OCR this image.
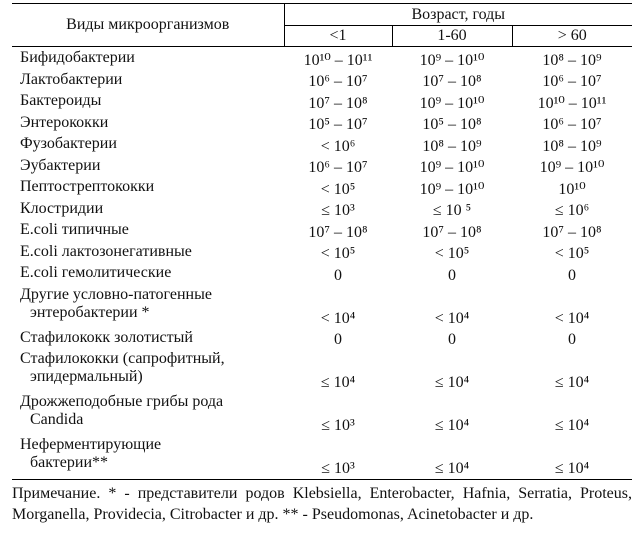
Виды микроорганизмов	Возраст, годы		
	<1	1-60	> 60

Бифидобактерии	10¹⁰ – 10¹¹	10⁹ – 10¹⁰	10⁸ – 10⁹

Лактобактерии	10⁶ – 10⁷	10⁷ – 10⁸	10⁶ – 10⁷

Бактероиды	10⁷ – 10⁸	10⁹ – 10¹⁰	10¹⁰ – 10¹¹

Энтерококки	10⁵ – 10⁷	10⁵ – 10⁸	10⁶ – 10⁷

Фузобактерии	< 10⁶	10⁸ – 10⁹	10⁸ – 10⁹

Эубактерии	10⁶ – 10⁷	10⁹ – 10¹⁰	10⁹ – 10¹⁰

Пептострептококки	< 10⁵	10⁹ – 10¹⁰	10¹⁰

Клостридии	≤ 10³	≤ 10 ⁵	≤ 10⁶

E.coli типичные	10⁷ – 10⁸	10⁷ – 10⁸	10⁷ – 10⁸

E.coli лактозонегативные	< 10⁵	< 10⁵	< 10⁵

E.coli гемолитические	0	0	0

Другие условно-патогенные
энтеробактерии *	< 10⁴	< 10⁴	< 10⁴

Стафилококк золотистый	0	0	0

Стафилококки (сапрофитный,
эпидермальный)	≤ 10⁴	≤ 10⁴	≤ 10⁴

Дрожжеподобные грибы рода
Candida	≤ 10³	≤ 10⁴	≤ 10⁴

Неферментирующие
бактерии**	≤ 10³	≤ 10⁴	≤ 10⁴
Примечание. * - представители родов Klebsiella, Enterobacter, Hafnia, Serratia, Proteus, Morganella, Providecia, Citrobacter и др. ** - Pseudomonas, Acinetobacter и др.
